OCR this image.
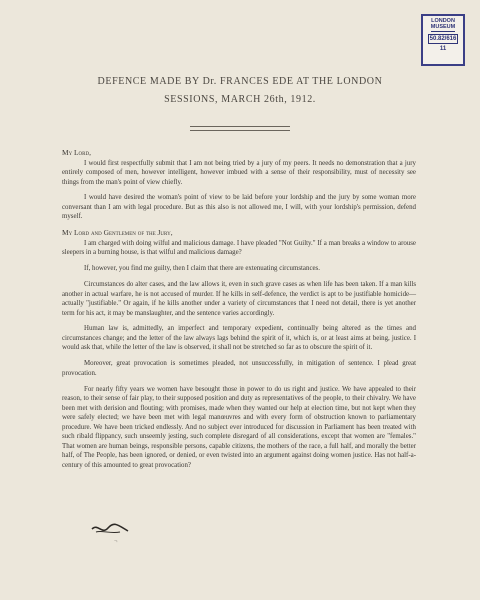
LONDON
MUSEUM
50.82/616
11
DEFENCE MADE BY Dr. FRANCES EDE AT THE LONDON
SESSIONS, MARCH 26th, 1912.
My Lord,

I would first respectfully submit that I am not being tried by a jury of my peers. It needs no demonstration that a jury entirely composed of men, however intelligent, however imbued with a sense of their responsibility, must of necessity see things from the man's point of view chiefly.

I would have desired the woman's point of view to be laid before your lordship and the jury by some woman more conversant than I am with legal procedure. But as this also is not allowed me, I will, with your lordship's permission, defend myself.

My Lord and Gentlemen of the Jury,

I am charged with doing wilful and malicious damage. I have pleaded "Not Guilty." If a man breaks a window to arouse sleepers in a burning house, is that wilful and malicious damage?

If, however, you find me guilty, then I claim that there are extenuating circumstances.

Circumstances do alter cases, and the law allows it, even in such grave cases as when life has been taken. If a man kills another in actual warfare, he is not accused of murder. If he kills in self-defence, the verdict is apt to be justifiable homicide—actually "justifiable." Or again, if he kills another under a variety of circumstances that I need not detail, there is yet another term for his act, it may be manslaughter, and the sentence varies accordingly.

Human law is, admittedly, an imperfect and temporary expedient, continually being altered as the times and circumstances change; and the letter of the law always lags behind the spirit of it, which is, or at least aims at being, justice. I would ask that, while the letter of the law is observed, it shall not be stretched so far as to obscure the spirit of it.

Moreover, great provocation is sometimes pleaded, not unsuccessfully, in mitigation of sentence. I plead great provocation.

For nearly fifty years we women have besought those in power to do us right and justice. We have appealed to their reason, to their sense of fair play, to their supposed position and duty as representatives of the people, to their chivalry. We have been met with derision and flouting; with promises, made when they wanted our help at election time, but not kept when they were safely elected; we have been met with legal manœuvres and with every form of obstruction known to parliamentary procedure. We have been tricked endlessly. And no subject ever introduced for discussion in Parliament has been treated with such ribald flippancy, such unseemly jesting, such complete disregard of all considerations, except that women are "females." That women are human beings, responsible persons, capable citizens, the mothers of the race, a full half, and morally the better half, of The People, has been ignored, or denied, or even twisted into an argument against doing women justice. Has not half-a-century of this amounted to great provocation?

¬
